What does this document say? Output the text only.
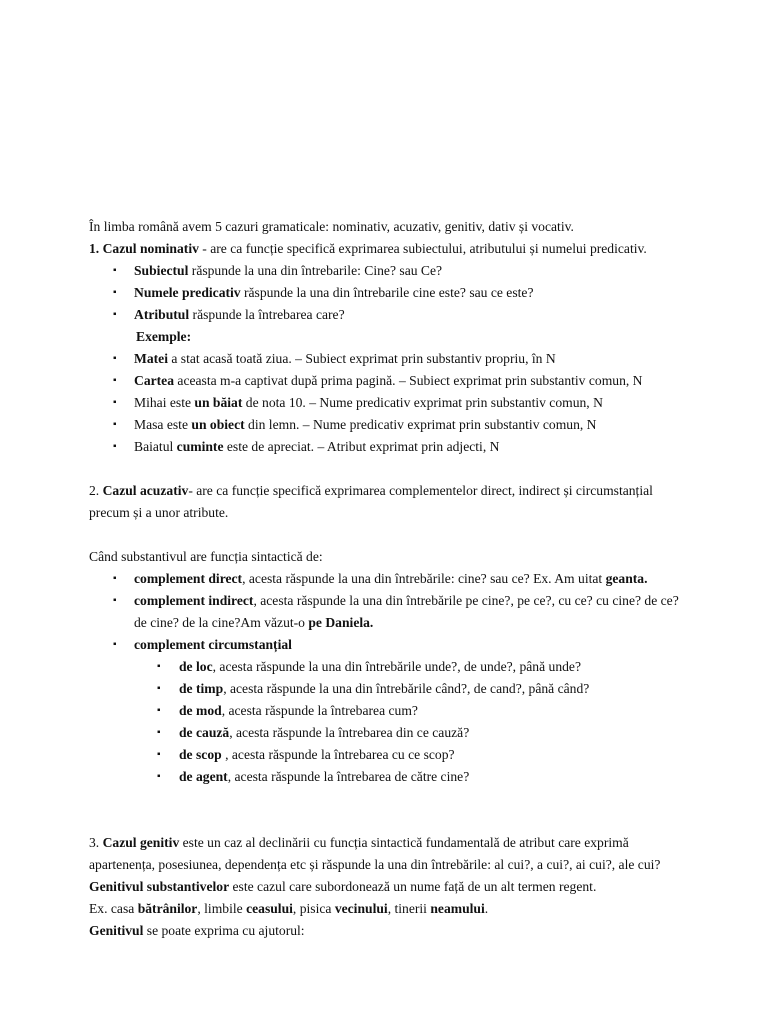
În limba română avem 5 cazuri gramaticale: nominativ, acuzativ, genitiv, dativ și vocativ.

1. Cazul nominativ - are ca funcție specifică exprimarea subiectului, atributului și numelui predicativ.

▪ Subiectul răspunde la una din întrebarile: Cine? sau Ce?
▪ Numele predicativ răspunde la una din întrebarile cine este? sau ce este?
▪ Atributul răspunde la întrebarea care?

Exemple:

▪ Matei a stat acasă toată ziua. – Subiect exprimat prin substantiv propriu, în N
▪ Cartea aceasta m-a captivat după prima pagină. – Subiect exprimat prin substantiv comun, N
▪ Mihai este un băiat de nota 10. – Nume predicativ exprimat prin substantiv comun, N
▪ Masa este un obiect din lemn. – Nume predicativ exprimat prin substantiv comun, N
▪ Baiatul cuminte este de apreciat. – Atribut exprimat prin adjecti, N

2. Cazul acuzativ- are ca funcție specifică exprimarea complementelor direct, indirect și circumstanțial precum și a unor atribute.

Când substantivul are funcția sintactică de:

▪ complement direct, acesta răspunde la una din întrebările: cine? sau ce? Ex. Am uitat geanta.
▪ complement indirect, acesta răspunde la una din întrebările pe cine?, pe ce?, cu ce? cu cine? de ce? de cine? de la cine?Am văzut-o pe Daniela.
▪ complement circumstanțial
▪ de loc, acesta răspunde la una din întrebările unde?, de unde?, până unde?
▪ de timp, acesta răspunde la una din întrebările când?, de cand?, până când?
▪ de mod, acesta răspunde la întrebarea cum?
▪ de cauză, acesta răspunde la întrebarea din ce cauză?
▪ de scop , acesta răspunde la întrebarea cu ce scop?
▪ de agent, acesta răspunde la întrebarea de către cine?

3. Cazul genitiv este un caz al declinării cu funcția sintactică fundamentală de atribut care exprimă apartenența, posesiunea, dependența etc și răspunde la una din întrebările: al cui?, a cui?, ai cui?, ale cui?

Genitivul substantivelor este cazul care subordonează un nume față de un alt termen regent.

Ex. casa bătrânilor, limbile ceasului, pisica vecinului, tinerii neamului.

Genitivul se poate exprima cu ajutorul:
